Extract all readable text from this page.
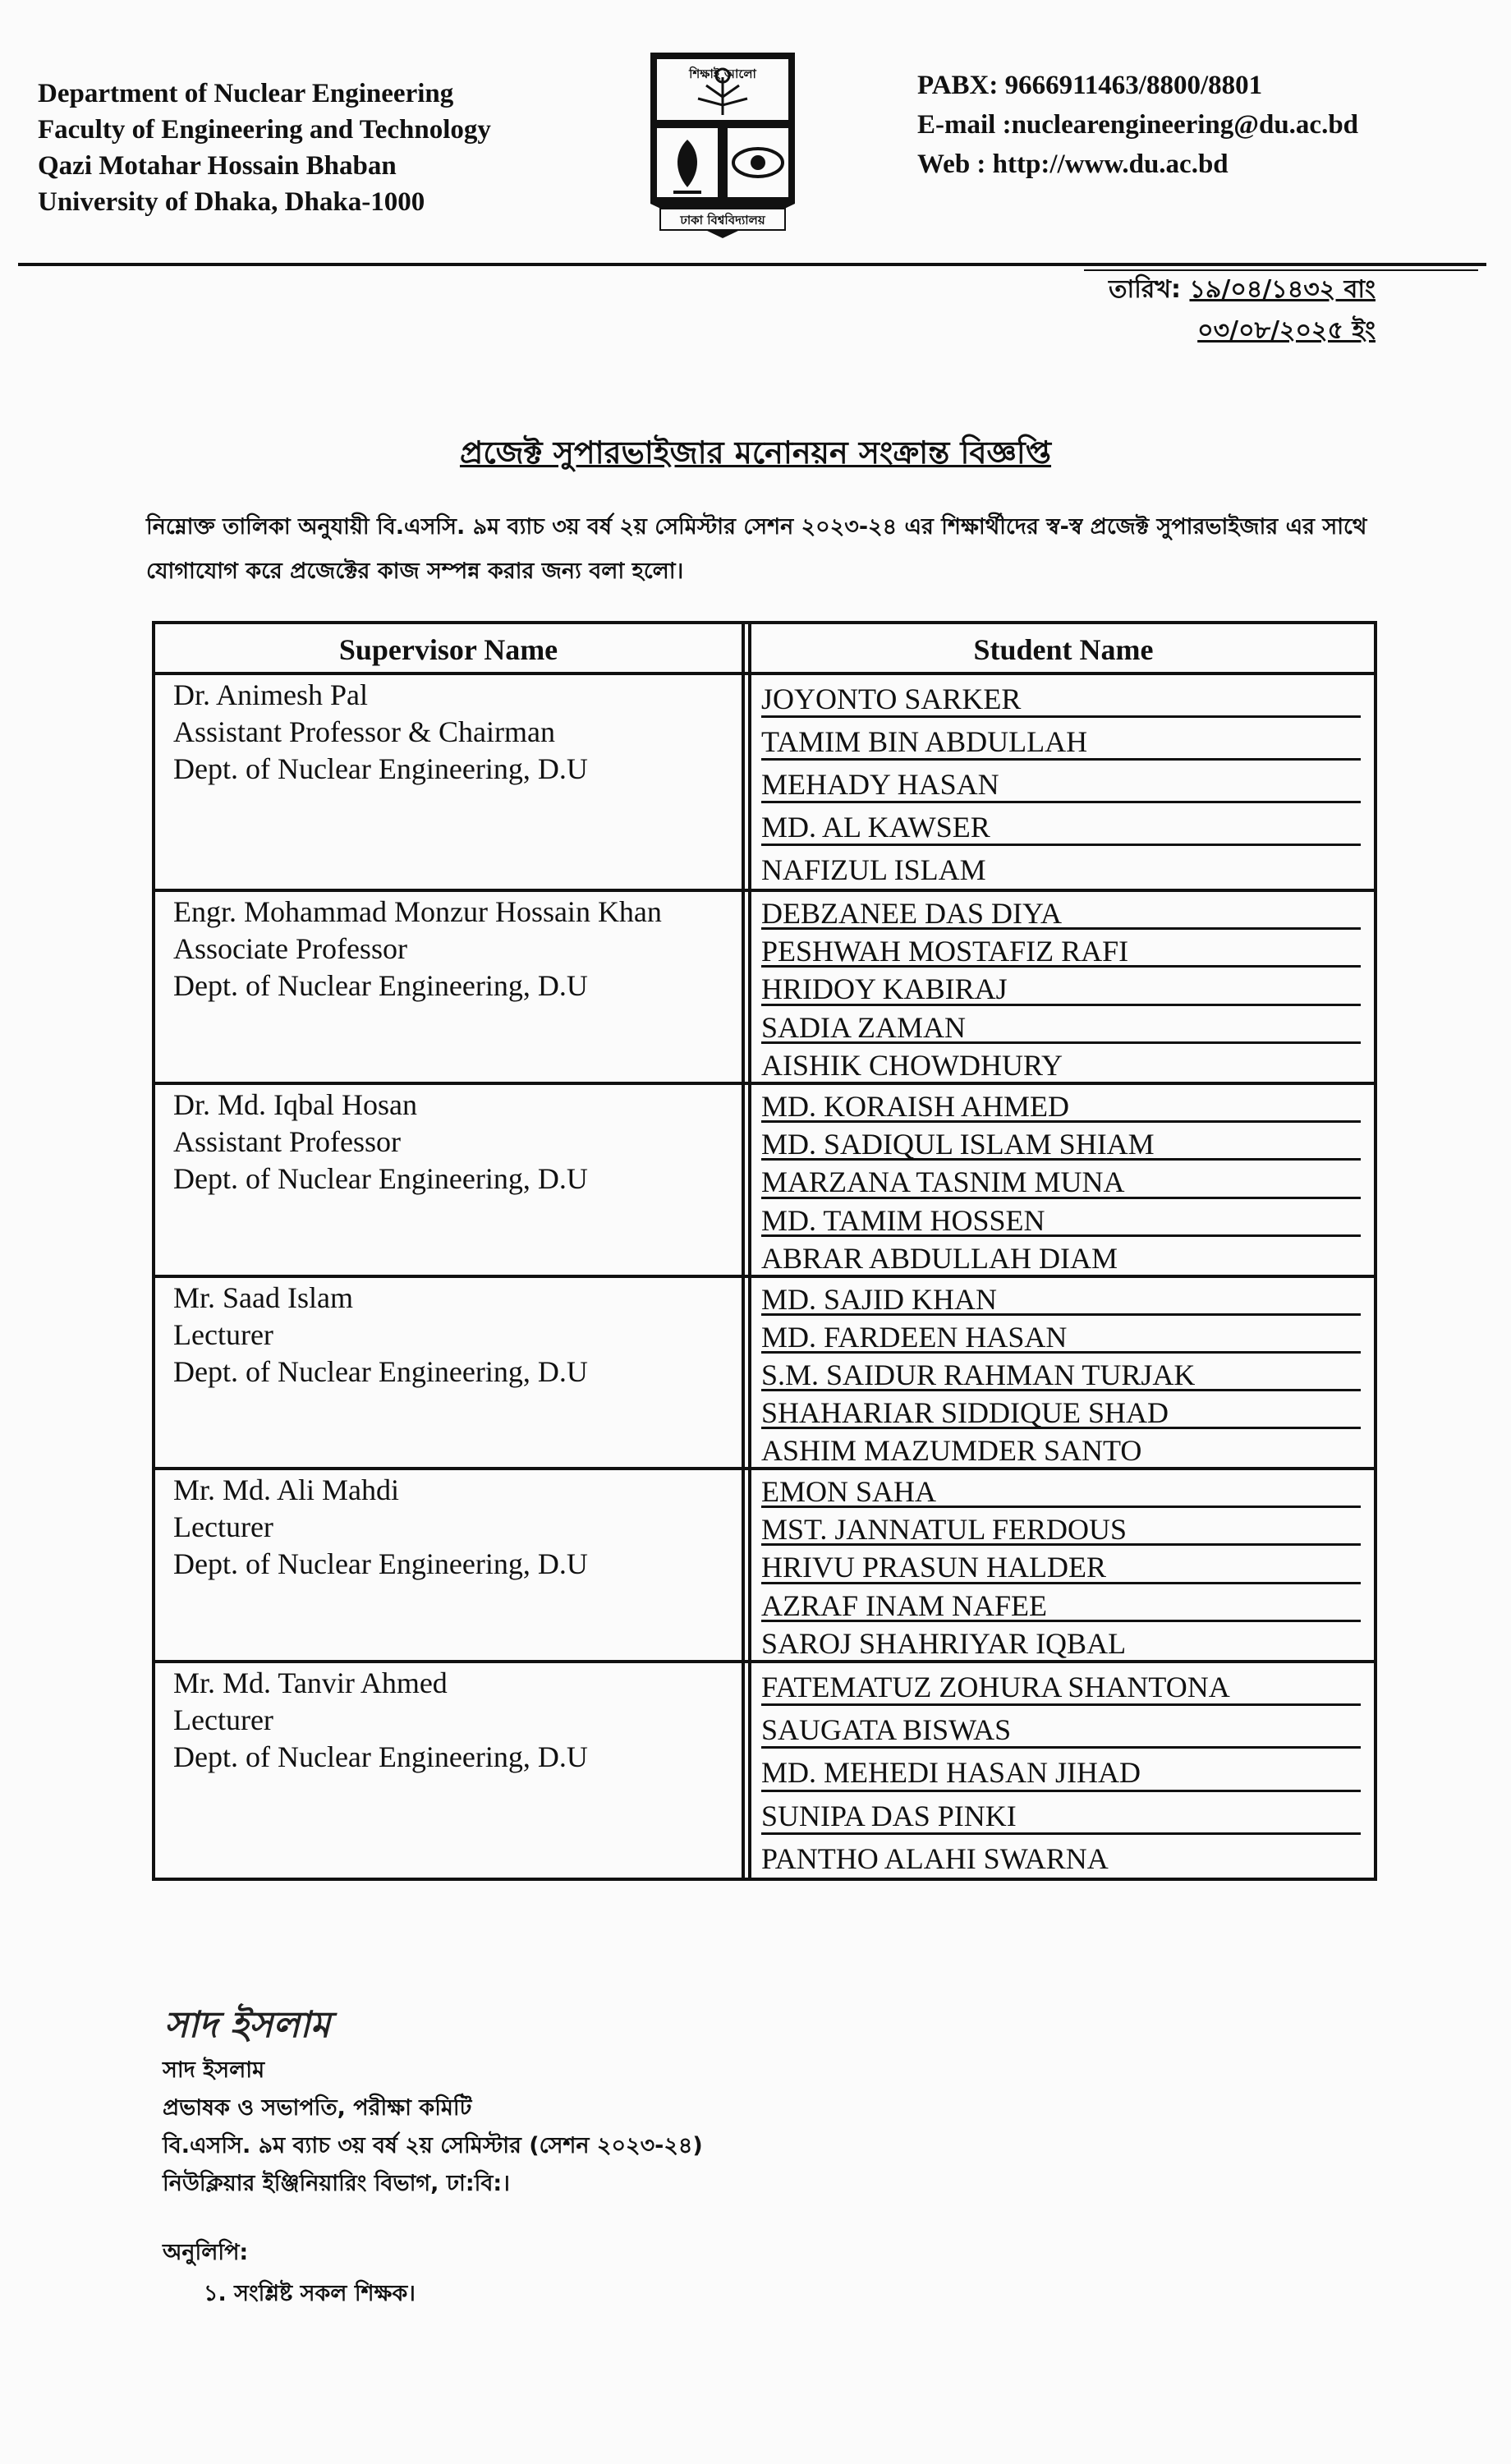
Department of Nuclear Engineering
Faculty of Engineering and Technology
Qazi Motahar Hossain Bhaban
University of Dhaka, Dhaka-1000
ঢাকা বিশ্ববিদ্যালয়
শিক্ষাই আলো	PABX: 9666911463/8800/8801
E-mail :nuclearengineering@du.ac.bd
Web : http://www.du.ac.bd
তারিখ: ১৯/০৪/১৪৩২ বাং
০৩/০৮/২০২৫ ইং
প্রজেক্ট সুপারভাইজার মনোনয়ন সংক্রান্ত বিজ্ঞপ্তি
নিম্নোক্ত তালিকা অনুযায়ী বি.এসসি. ৯ম ব্যাচ ৩য় বর্ষ ২য় সেমিস্টার সেশন ২০২৩-২৪ এর শিক্ষার্থীদের স্ব-স্ব প্রজেক্ট সুপারভাইজার এর সাথে যোগাযোগ করে প্রজেক্টের কাজ সম্পন্ন করার জন্য বলা হলো।
Supervisor Name	Student Name
Dr. Animesh Pal
Assistant Professor & Chairman
Dept. of Nuclear Engineering, D.U
JOYONTO SARKER
TAMIM BIN ABDULLAH
MEHADY HASAN
MD. AL KAWSER
NAFIZUL ISLAM
Engr. Mohammad Monzur Hossain Khan
Associate Professor
Dept. of Nuclear Engineering, D.U
DEBZANEE DAS DIYA
PESHWAH MOSTAFIZ RAFI
HRIDOY KABIRAJ
SADIA ZAMAN
AISHIK CHOWDHURY
Dr. Md. Iqbal Hosan
Assistant Professor
Dept. of Nuclear Engineering, D.U
MD. KORAISH AHMED
MD. SADIQUL ISLAM SHIAM
MARZANA TASNIM MUNA
MD. TAMIM HOSSEN
ABRAR ABDULLAH DIAM
Mr. Saad Islam
Lecturer
Dept. of Nuclear Engineering, D.U
MD. SAJID KHAN
MD. FARDEEN HASAN
S.M. SAIDUR RAHMAN TURJAK
SHAHARIAR SIDDIQUE SHAD
ASHIM MAZUMDER SANTO
Mr. Md. Ali Mahdi
Lecturer
Dept. of Nuclear Engineering, D.U
EMON SAHA
MST. JANNATUL FERDOUS
HRIVU PRASUN HALDER
AZRAF INAM NAFEE
SAROJ SHAHRIYAR IQBAL
Mr. Md. Tanvir Ahmed
Lecturer
Dept. of Nuclear Engineering, D.U
FATEMATUZ ZOHURA SHANTONA
SAUGATA BISWAS
MD. MEHEDI HASAN JIHAD
SUNIPA DAS PINKI
PANTHO ALAHI SWARNA
সাদ ইসলাম
সাদ ইসলাম
প্রভাষক ও সভাপতি, পরীক্ষা কমিটি
বি.এসসি. ৯ম ব্যাচ ৩য় বর্ষ ২য় সেমিস্টার (সেশন ২০২৩-২৪)
নিউক্লিয়ার ইঞ্জিনিয়ারিং বিভাগ, ঢা:বি:।
অনুলিপি:
১. সংশ্লিষ্ট সকল শিক্ষক।
